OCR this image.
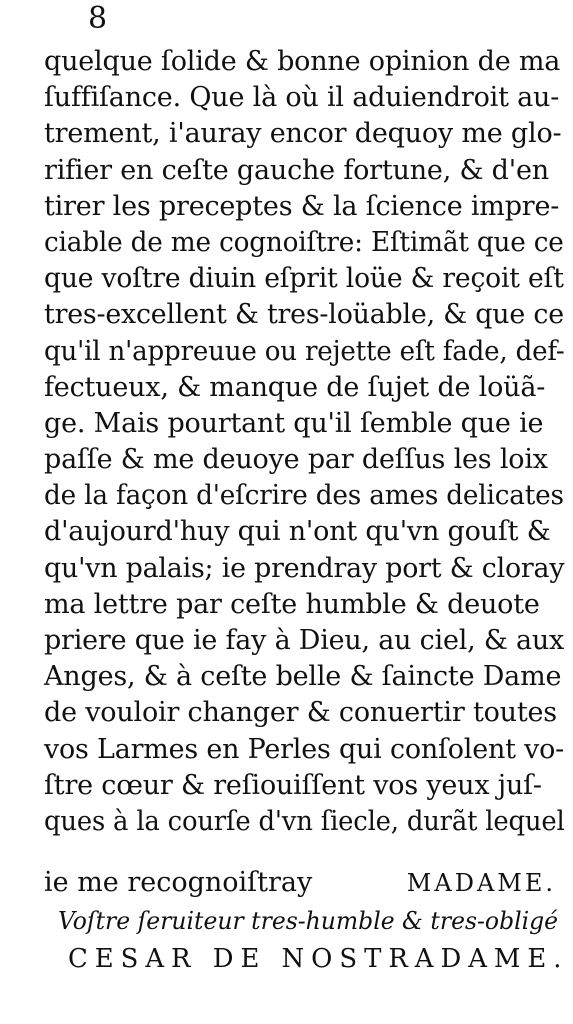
8
quelque ſolide & bonne opinion de ma
ſuffiſance. Que là où il aduiendroit au-
trement, i'auray encor dequoy me glo-
rifier en ceſte gauche fortune, & d'en
tirer les preceptes & la ſcience impre-
ciable de me cognoiſtre: Eſtimãt que ce
que voſtre diuin eſprit loüe & reçoit eſt
tres-excellent & tres-loüable, & que ce
qu'il n'appreuue ou rejette eſt fade, def-
fectueux, & manque de ſujet de loüã-
ge. Mais pourtant qu'il ſemble que ie
paſſe & me deuoye par deſſus les loix
de la façon d'eſcrire des ames delicates
d'aujourd'huy qui n'ont qu'vn gouſt &
qu'vn palais; ie prendray port & cloray
ma lettre par ceſte humble & deuote
priere que ie fay à Dieu, au ciel, & aux
Anges, & à ceſte belle & ſaincte Dame
de vouloir changer & conuertir toutes
vos Larmes en Perles qui conſolent vo-
ſtre cœur & reſiouiſſent vos yeux juſ-
ques à la courſe d'vn ſiecle, durãt lequel
ie me recognoiſtray	MADAME.
Voſtre ſeruiteur tres-humble & tres-obligé
CESAR DE NOSTRADAME.
